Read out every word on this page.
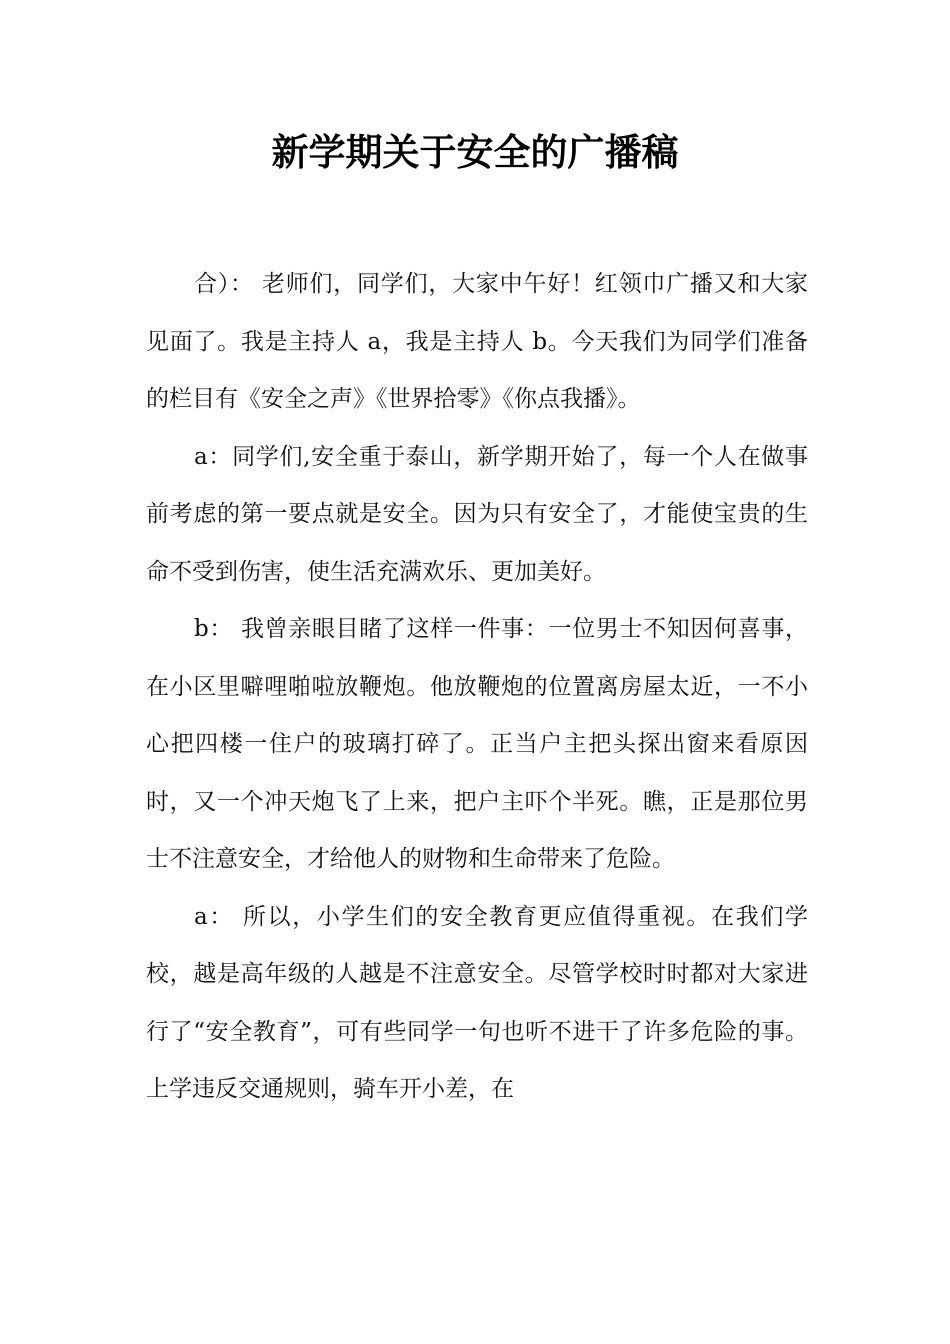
新学期关于安全的广播稿

合）： 老师们，同学们，大家中午好！红领巾广播又和大家见面了。我是主持人 a，我是主持人 b。今天我们为同学们准备的栏目有《安全之声》《世界拾零》《你点我播》。

a：同学们,安全重于泰山，新学期开始了，每一个人在做事前考虑的第一要点就是安全。因为只有安全了，才能使宝贵的生命不受到伤害，使生活充满欢乐、更加美好。

b： 我曾亲眼目睹了这样一件事：一位男士不知因何喜事，在小区里噼哩啪啦放鞭炮。他放鞭炮的位置离房屋太近，一不小心把四楼一住户的玻璃打碎了。正当户主把头探出窗来看原因时，又一个冲天炮飞了上来，把户主吓个半死。瞧，正是那位男士不注意安全，才给他人的财物和生命带来了危险。

a： 所以，小学生们的安全教育更应值得重视。在我们学校，越是高年级的人越是不注意安全。尽管学校时时都对大家进行了“安全教育”，可有些同学一句也听不进干了许多危险的事。上学违反交通规则，骑车开小差，在
